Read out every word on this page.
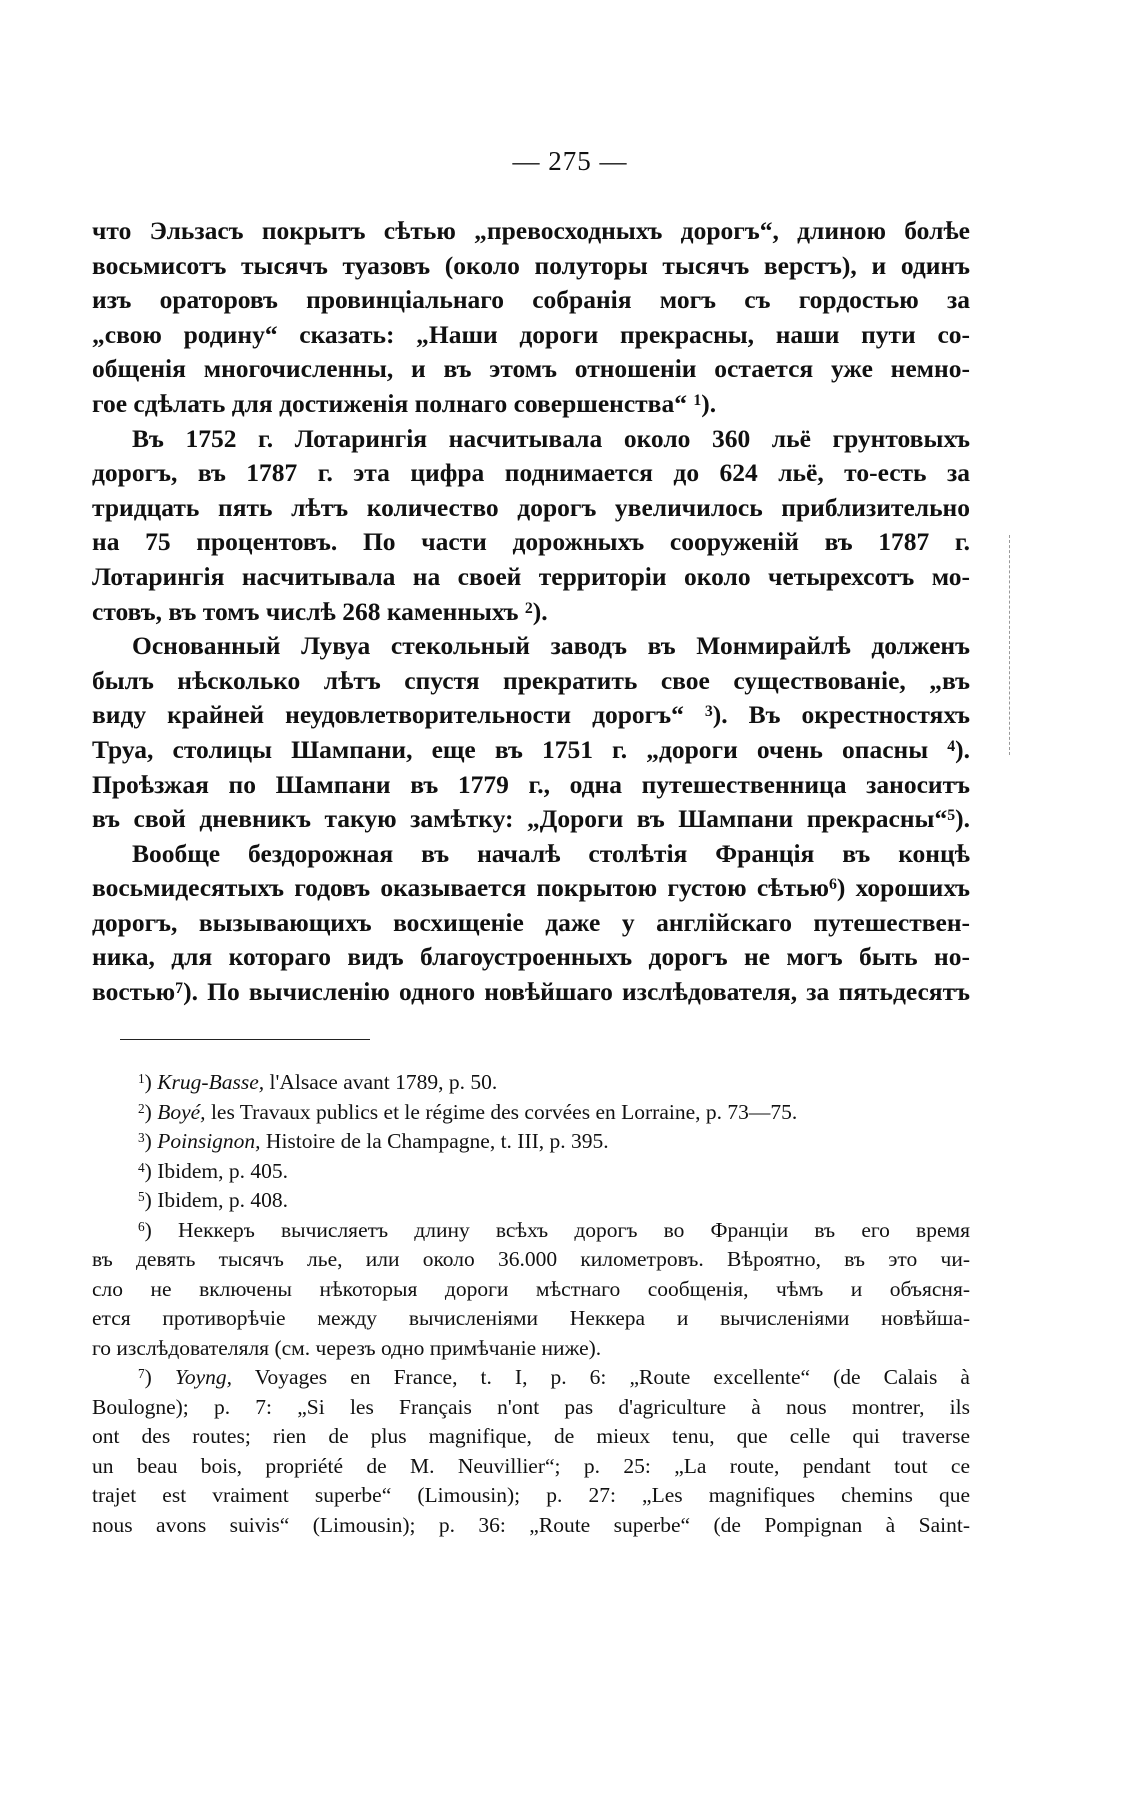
— 275 —

что Эльзасъ покрытъ сѣтью „превосходныхъ дорогъ“, длиною болѣе

восьмисотъ тысячъ туазовъ (около полуторы тысячъ верстъ), и одинъ

изъ ораторовъ провинціальнаго собранія могъ съ гордостью за

„свою родину“ сказать: „Наши дороги прекрасны, наши пути со-

общенія многочисленны, и въ этомъ отношеніи остается уже немно-

гое сдѣлать для достиженія полнаго совершенства“ $^1$).

Въ 1752 г. Лотарингія насчитывала около 360 льё грунтовыхъ

дорогъ, въ 1787 г. эта цифра поднимается до 624 льё, то-есть за

тридцать пять лѣтъ количество дорогъ увеличилось приблизительно

на 75 процентовъ. По части дорожныхъ сооруженій въ 1787 г.

Лотарингія насчитывала на своей территоріи около четырехсотъ мо-

стовъ, въ томъ числѣ 268 каменныхъ $^2$).

Основанный Лувуа стекольный заводъ въ Монмирайлѣ долженъ

былъ нѣсколько лѣтъ спустя прекратить свое существованіе, „въ

виду крайней неудовлетворительности дорогъ“ $^3$). Въ окрестностяхъ

Труа, столицы Шампани, еще въ 1751 г. „дороги очень опасны $^4$).

Проѣзжая по Шампани въ 1779 г., одна путешественница заноситъ

въ свой дневникъ такую замѣтку: „Дороги въ Шампани прекрасны“$^5$).

Вообще бездорожная въ началѣ столѣтія Франція въ концѣ

восьмидесятыхъ годовъ оказывается покрытою густою сѣтью$^6$) хорошихъ

дорогъ, вызывающихъ восхищеніе даже у англійскаго путешествен-

ника, для котораго видъ благоустроенныхъ дорогъ не могъ быть но-

востью$^7$). По вычисленію одного новѣйшаго изслѣдователя, за пятьдесятъ

$^1$) Krug-Basse, l'Alsace avant 1789, p. 50.

$^2$) Boyé, les Travaux publics et le régime des corvées en Lorraine, p. 73—75.

$^3$) Poinsignon, Histoire de la Champagne, t. III, p. 395.

$^4$) Ibidem, p. 405.

$^5$) Ibidem, p. 408.

$^6$) Неккеръ вычисляетъ длину всѣхъ дорогъ во Франціи въ его время

въ девять тысячъ лье, или около 36.000 километровъ. Вѣроятно, въ это чи-

сло не включены нѣкоторыя дороги мѣстнаго сообщенія, чѣмъ и объясня-

ется противорѣчіе между вычисленіями Неккера и вычисленіями новѣйша-

го изслѣдователяля (см. черезъ одно примѣчаніе ниже).

$^7$) Yoyng, Voyages en France, t. I, p. 6: „Route excellente“ (de Calais à

Boulogne); p. 7: „Si les Français n'ont pas d'agriculture à nous montrer, ils

ont des routes; rien de plus magnifique, de mieux tenu, que celle qui traverse

un beau bois, propriété de M. Neuvillier“; p. 25: „La route, pendant tout ce

trajet est vraiment superbe“ (Limousin); p. 27: „Les magnifiques chemins que

nous avons suivis“ (Limousin); p. 36: „Route superbe“ (de Pompignan à Saint-
